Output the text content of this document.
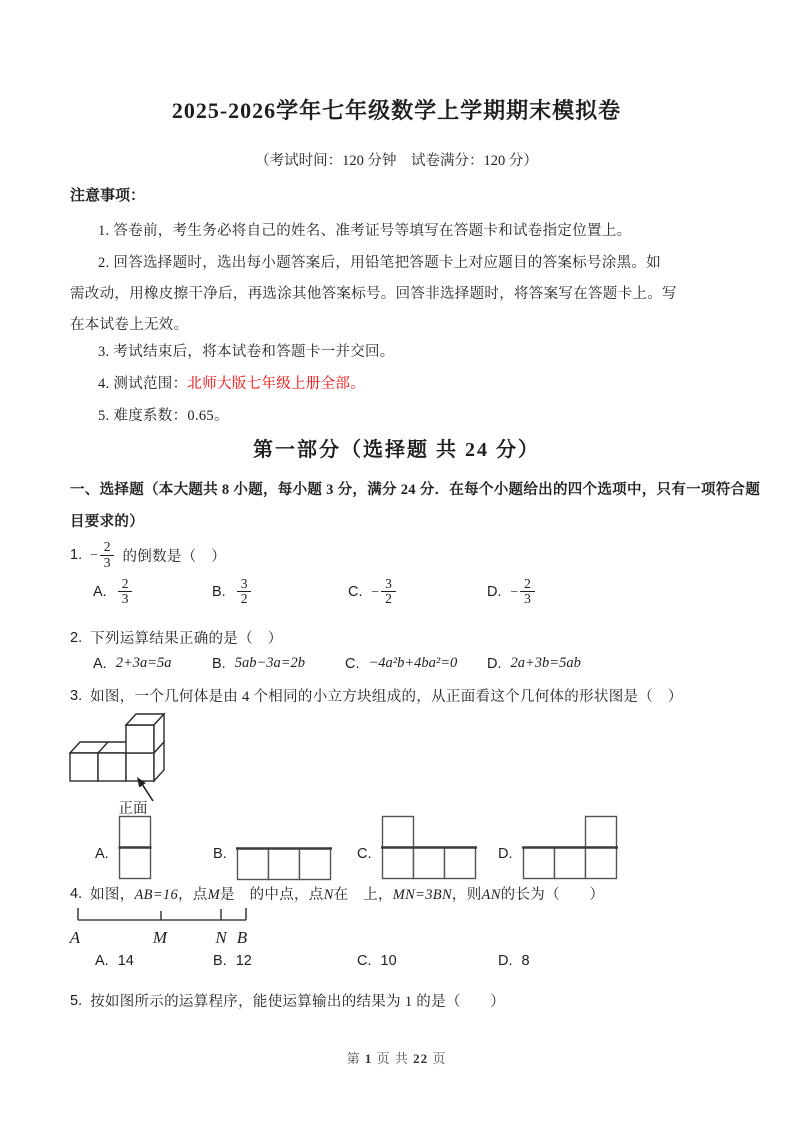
2025-2026学年七年级数学上学期期末模拟卷
（考试时间：120 分钟　试卷满分：120 分）
注意事项：
1. 答卷前，考生务必将自己的姓名、准考证号等填写在答题卡和试卷指定位置上。
2. 回答选择题时，选出每小题答案后，用铅笔把答题卡上对应题目的答案标号涂黑。如
需改动，用橡皮擦干净后，再选涂其他答案标号。回答非选择题时，将答案写在答题卡上。写
在本试卷上无效。
3. 考试结束后，将本试卷和答题卡一并交回。
4. 测试范围：北师大版七年级上册全部。
5. 难度系数：0.65。
第一部分（选择题 共 24 分）
一、选择题（本大题共 8 小题，每小题 3 分，满分 24 分．在每个小题给出的四个选项中，只有一项符合题
目要求的）
1. − $\frac{2}{3}$ 的倒数是（　）
A. $\frac{2}{3}$	B. $\frac{3}{2}$	C. − $\frac{3}{2}$	D. − $\frac{2}{3}$
2. 下列运算结果正确的是（　）
A. 2+3a=5a	B. 5ab−3a=2b	C. −4a²b+4ba²=0 D. 2a+3b=5ab
3. 如图，一个几何体是由 4 个相同的小立方块组成的，从正面看这个几何体的形状图是（　）
正面
A.	B.	C.	D.
4. 如图，AB=16，点M是　的中点，点N在　上，MN=3BN，则AN的长为（　　）
A	M	N B
A. 14	B. 12	C. 10	D. 8
5. 按如图所示的运算程序，能使运算输出的结果为 1 的是（　　）
第 1 页 共 22 页
